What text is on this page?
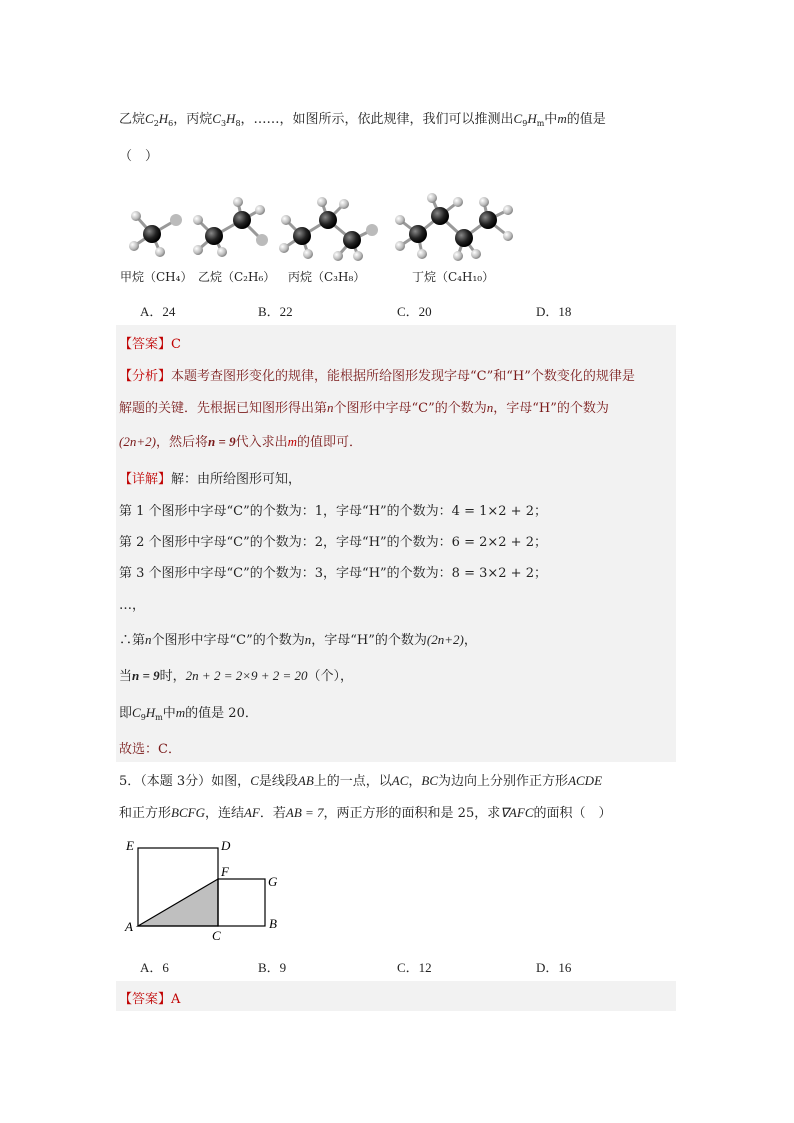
乙烷$C_2H_6$，丙烷$C_3H_8$，……，如图所示，依此规律，我们可以推测出$C_9H_m$中m的值是
（　）
甲烷（CH₄） 乙烷（C₂H₆） 丙烷（C₃H₈）	丁烷（C₄H₁₀）
A．24	B．22	C．20	D．18
【答案】C
【分析】本题考查图形变化的规律，能根据所给图形发现字母“C”和“H”个数变化的规律是
解题的关键．先根据已知图形得出第n个图形中字母“C”的个数为n，字母“H”的个数为
(2n+2)，然后将n = 9代入求出m的值即可．
【详解】解：由所给图形可知，
第 1 个图形中字母“C”的个数为：1，字母“H”的个数为：4 = 1×2 + 2；
第 2 个图形中字母“C”的个数为：2，字母“H”的个数为：6 = 2×2 + 2；
第 3 个图形中字母“C”的个数为：3，字母“H”的个数为：8 = 3×2 + 2；
…，
∴第n个图形中字母“C”的个数为n，字母“H”的个数为(2n+2)，
当n = 9时，2n + 2 = 2×9 + 2 = 20（个），
即$C_9H_m$中m的值是 20．
故选：C．
5．（本题 3分）如图，C是线段AB上的一点，以AC，BC为边向上分别作正方形ACDE
和正方形BCFG，连结AF．若AB = 7，两正方形的面积和是 25，求∇AFC的面积（　）
E	D
F
G
A
C
B
A．6	B．9	C．12	D．16
【答案】A
